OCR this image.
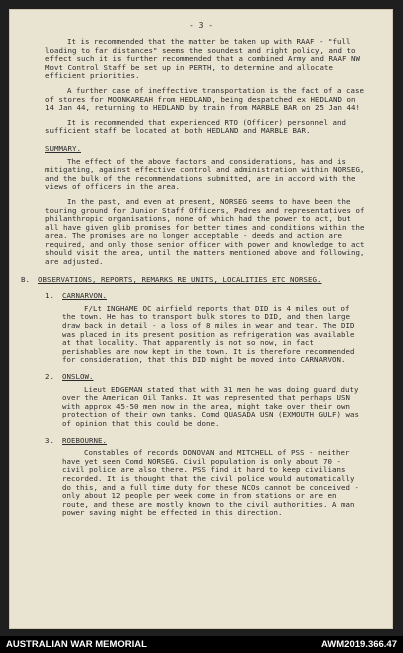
- 3 -

It is recommended that the matter be taken up with RAAF - "full loading to far distances" seems the soundest and right policy, and to effect such it is further recommended that a combined Army and RAAF NW Movt Control Staff be set up in PERTH, to determine and allocate efficient priorities.

A further case of ineffective transportation is the fact of a case of stores for MOONKAREAH from HEDLAND, being despatched ex HEDLAND on 14 Jan 44, returning to HEDLAND by train from MARBLE BAR on 25 Jan 44!

It is recommended that experienced RTO (Officer) personnel and sufficient staff be located at both HEDLAND and MARBLE BAR.

SUMMARY.

The effect of the above factors and considerations, has and is mitigating, against effective control and administration within NORSEG, and the bulk of the recommendations submitted, are in accord with the views of officers in the area.

In the past, and even at present, NORSEG seems to have been the touring ground for Junior Staff Officers, Padres and representatives of philanthropic organisations, none of which had the power to act, but all have given glib promises for better times and conditions within the area. The promises are no longer acceptable - deeds and action are required, and only those senior officer with power and knowledge to act should visit the area, until the matters mentioned above and following, are adjusted.

B. OBSERVATIONS, REPORTS, REMARKS RE UNITS, LOCALITIES ETC NORSEG.

1. CARNARVON.

F/Lt INGHAME OC airfield reports that DID is 4 miles out of the town. He has to transport bulk stores to DID, and then large draw back in detail - a loss of 8 miles in wear and tear. The DID was placed in its present position as refrigeration was available at that locality. That apparently is not so now, in fact perishables are now kept in the town. It is therefore recommended for consideration, that this DID might be moved into CARNARVON.

2. ONSLOW.

Lieut EDGEMAN stated that with 31 men he was doing guard duty over the American Oil Tanks. It was represented that perhaps USN with approx 45-50 men now in the area, might take over their own protection of their own tanks. Comd QUASADA USN (EXMOUTH GULF) was of opinion that this could be done.

3. ROEBOURNE.

Constables of records DONOVAN and MITCHELL of PSS - neither have yet seen Comd NORSEG. Civil population is only about 70 - civil police are also there. PSS find it hard to keep civilians recorded. It is thought that the civil police would automatically do this, and a full time duty for these NCOs cannot be conceived - only about 12 people per week come in from stations or are en route, and these are mostly known to the civil authorities. A man power saving might be effected in this direction.

AUSTRALIAN WAR MEMORIAL	AWM2019.366.47
